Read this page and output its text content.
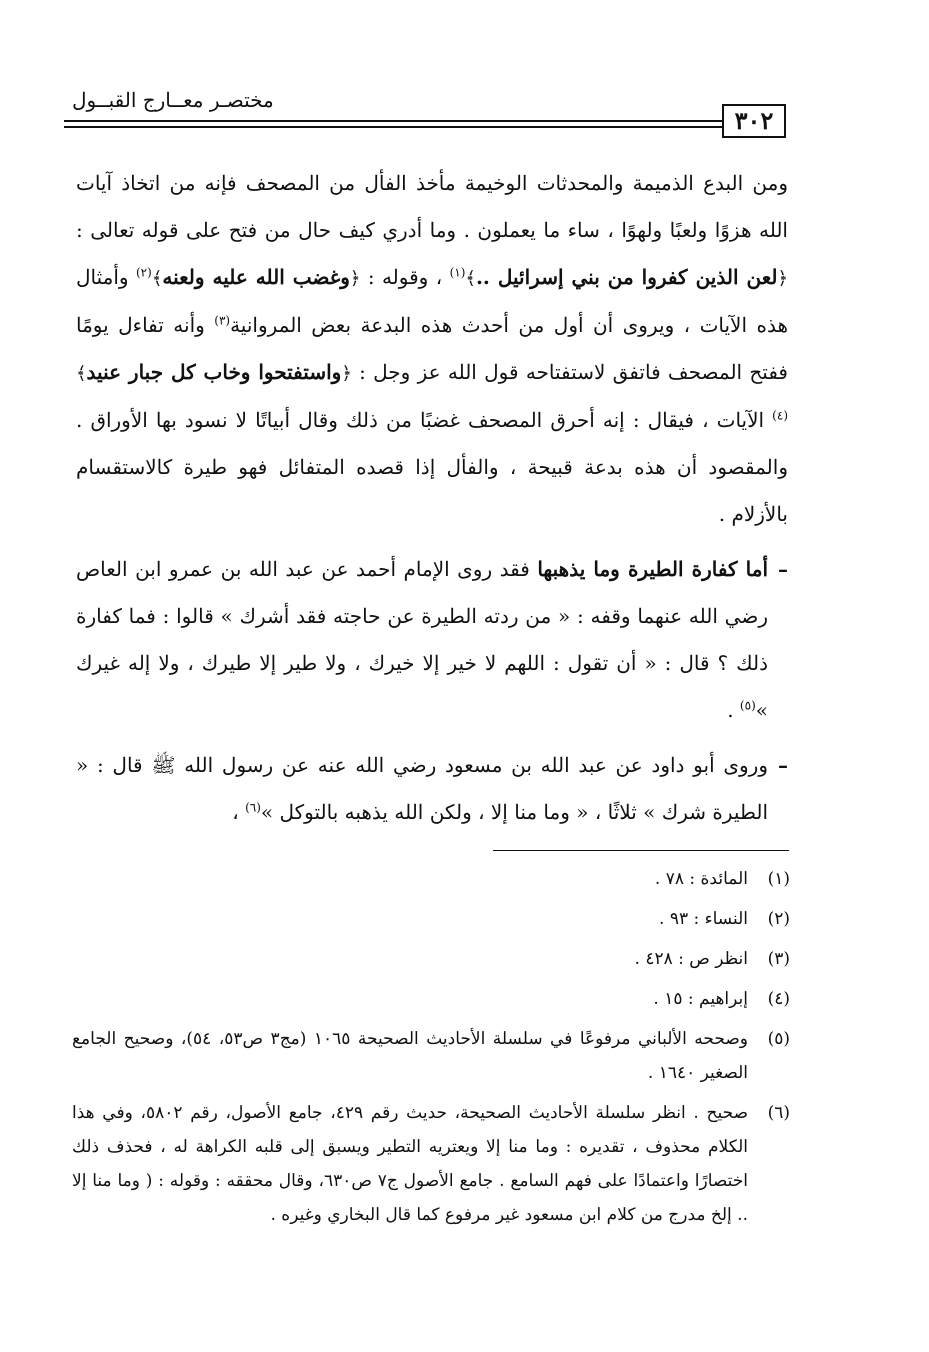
مختصـر معــارج القبــول
٣٠٢

ومن البدع الذميمة والمحدثات الوخيمة مأخذ الفأل من المصحف فإنه من اتخاذ آيات الله هزوًا ولعبًا ولهوًا ، ساء ما يعملون . وما أدري كيف حال من فتح على قوله تعالى : ﴿لعن الذين كفروا من بني إسرائيل ..﴾$^{(١)}$ ، وقوله : ﴿وغضب الله عليه ولعنه﴾$^{(٢)}$ وأمثال هذه الآيات ، ويروى أن أول من أحدث هذه البدعة بعض المروانية$^{(٣)}$ وأنه تفاءل يومًا ففتح المصحف فاتفق لاستفتاحه قول الله عز وجل : ﴿واستفتحوا وخاب كل جبار عنيد﴾$^{(٤)}$ الآيات ، فيقال : إنه أحرق المصحف غضبًا من ذلك وقال أبياتًا لا نسود بها الأوراق . والمقصود أن هذه بدعة قبيحة ، والفأل إذا قصده المتفائل فهو طيرة كالاستقسام بالأزلام .

–
أما كفارة الطيرة وما يذهبها فقد روى الإمام أحمد عن عبد الله بن عمرو ابن العاص رضي الله عنهما وقفه : « من ردته الطيرة عن حاجته فقد أشرك » قالوا : فما كفارة ذلك ؟ قال : « أن تقول : اللهم لا خير إلا خيرك ، ولا طير إلا طيرك ، ولا إله غيرك »$^{(٥)}$ .
–
وروى أبو داود عن عبد الله بن مسعود رضي الله عنه عن رسول الله ﷺ قال : « الطيرة شرك » ثلاثًا ، « وما منا إلا ، ولكن الله يذهبه بالتوكل »$^{(٦)}$ ،
(١)
المائدة : ٧٨ .
(٢)
النساء : ٩٣ .
(٣)
انظر ص : ٤٢٨ .
(٤)
إبراهيم : ١٥ .
(٥)
وصححه الألباني مرفوعًا في سلسلة الأحاديث الصحيحة ١٠٦٥ (مج٣ ص٥٣، ٥٤)، وصحيح الجامع الصغير ١٦٤٠ .
(٦)
صحيح . انظر سلسلة الأحاديث الصحيحة، حديث رقم ٤٢٩، جامع الأصول، رقم ٥٨٠٢، وفي هذا الكلام محذوف ، تقديره : وما منا إلا ويعتريه التطير ويسبق إلى قلبه الكراهة له ، فحذف ذلك اختصارًا واعتمادًا على فهم السامع . جامع الأصول ج٧ ص٦٣٠، وقال محققه : وقوله : ( وما منا إلا .. إلخ مدرج من كلام ابن مسعود غير مرفوع كما قال البخاري وغيره .
